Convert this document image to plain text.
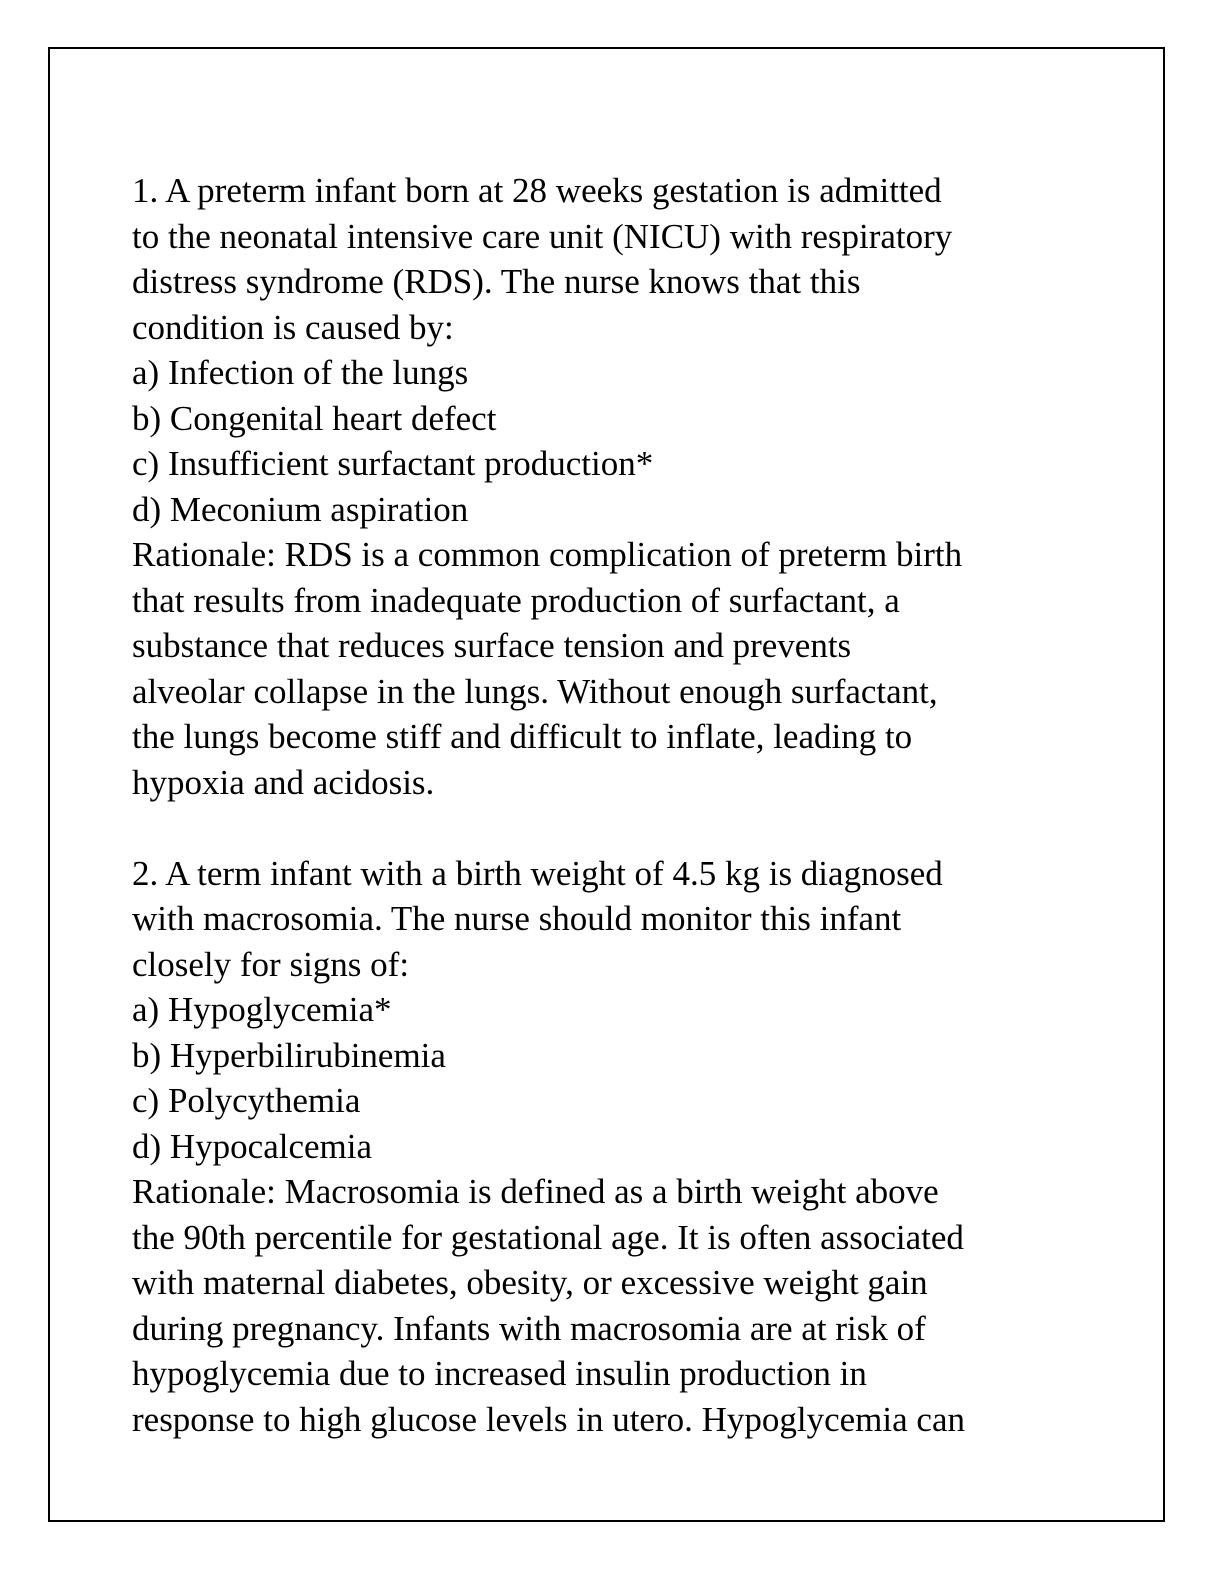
1. A preterm infant born at 28 weeks gestation is admitted
to the neonatal intensive care unit (NICU) with respiratory
distress syndrome (RDS). The nurse knows that this
condition is caused by:
a) Infection of the lungs
b) Congenital heart defect
c) Insufficient surfactant production*
d) Meconium aspiration
Rationale: RDS is a common complication of preterm birth
that results from inadequate production of surfactant, a
substance that reduces surface tension and prevents
alveolar collapse in the lungs. Without enough surfactant,
the lungs become stiff and difficult to inflate, leading to
hypoxia and acidosis.
2. A term infant with a birth weight of 4.5 kg is diagnosed
with macrosomia. The nurse should monitor this infant
closely for signs of:
a) Hypoglycemia*
b) Hyperbilirubinemia
c) Polycythemia
d) Hypocalcemia
Rationale: Macrosomia is defined as a birth weight above
the 90th percentile for gestational age. It is often associated
with maternal diabetes, obesity, or excessive weight gain
during pregnancy. Infants with macrosomia are at risk of
hypoglycemia due to increased insulin production in
response to high glucose levels in utero. Hypoglycemia can
